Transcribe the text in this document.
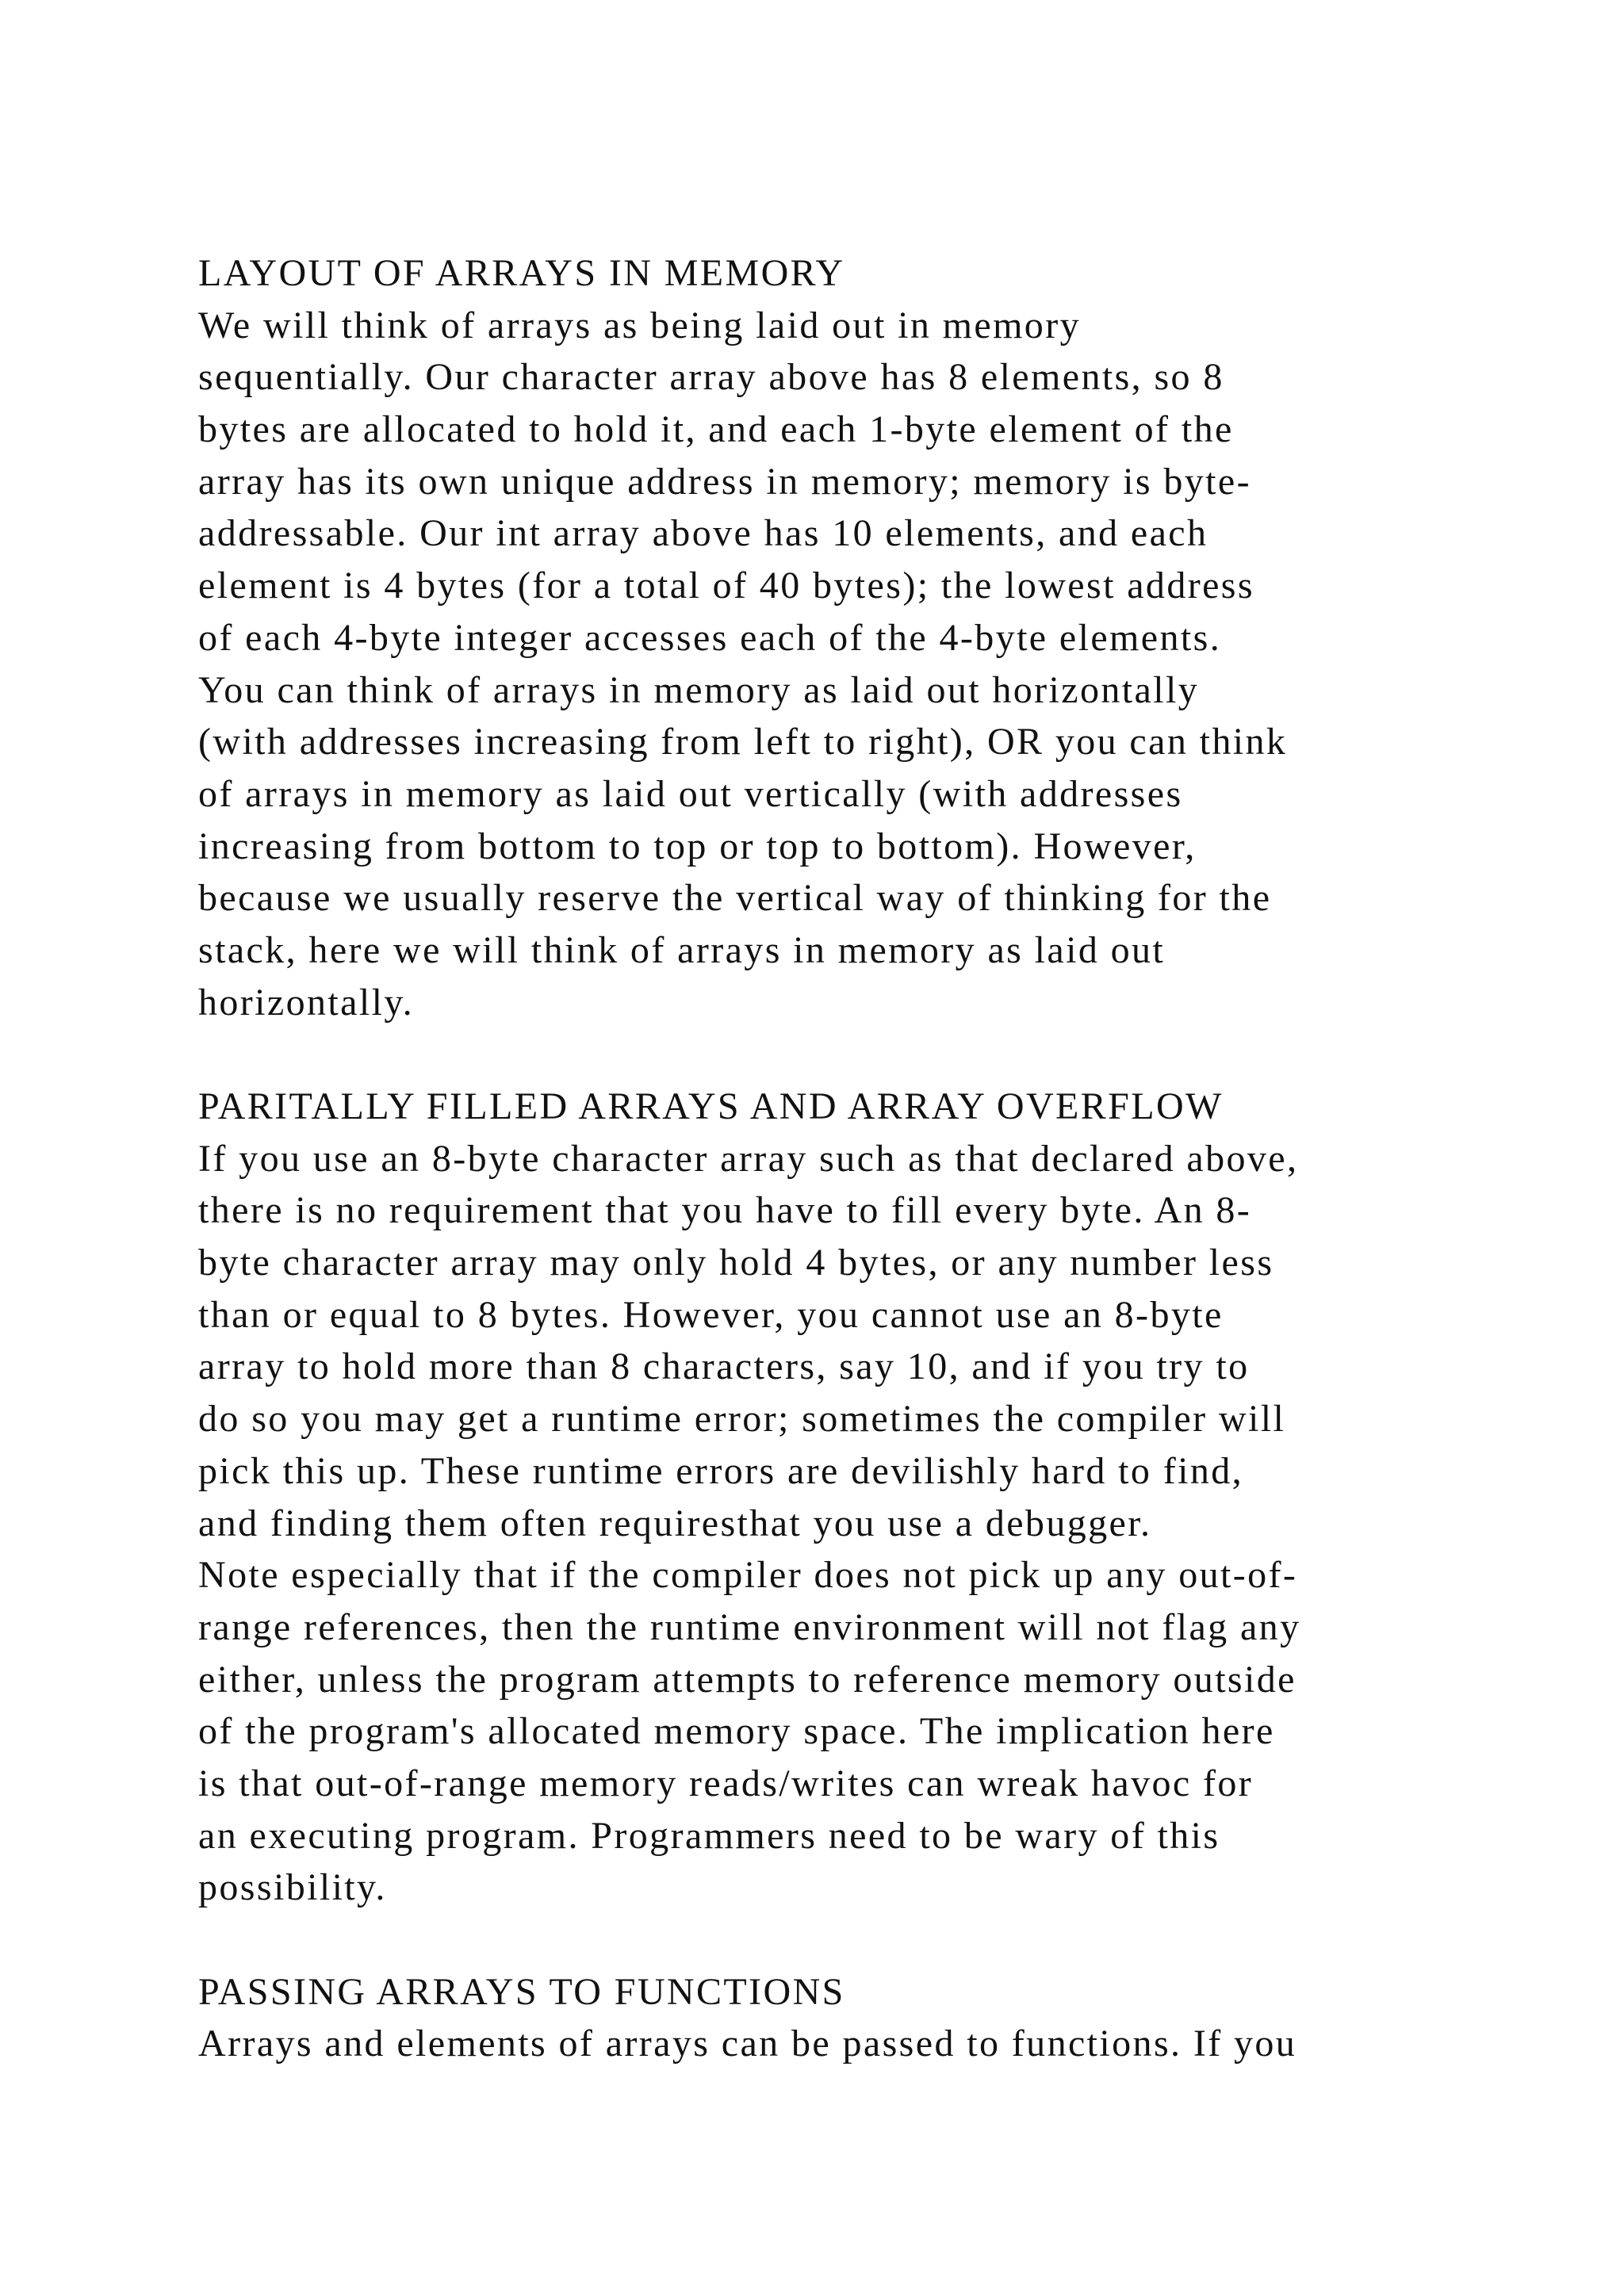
LAYOUT OF ARRAYS IN MEMORY
We will think of arrays as being laid out in memory
sequentially. Our character array above has 8 elements, so 8
bytes are allocated to hold it, and each 1-byte element of the
array has its own unique address in memory; memory is byte-
addressable. Our int array above has 10 elements, and each
element is 4 bytes (for a total of 40 bytes); the lowest address
of each 4-byte integer accesses each of the 4-byte elements.
You can think of arrays in memory as laid out horizontally
(with addresses increasing from left to right), OR you can think
of arrays in memory as laid out vertically (with addresses
increasing from bottom to top or top to bottom). However,
because we usually reserve the vertical way of thinking for the
stack, here we will think of arrays in memory as laid out
horizontally.
PARITALLY FILLED ARRAYS AND ARRAY OVERFLOW
If you use an 8-byte character array such as that declared above,
there is no requirement that you have to fill every byte. An 8-
byte character array may only hold 4 bytes, or any number less
than or equal to 8 bytes. However, you cannot use an 8-byte
array to hold more than 8 characters, say 10, and if you try to
do so you may get a runtime error; sometimes the compiler will
pick this up. These runtime errors are devilishly hard to find,
and finding them often requiresthat you use a debugger.
Note especially that if the compiler does not pick up any out-of-
range references, then the runtime environment will not flag any
either, unless the program attempts to reference memory outside
of the program's allocated memory space. The implication here
is that out-of-range memory reads/writes can wreak havoc for
an executing program. Programmers need to be wary of this
possibility.
PASSING ARRAYS TO FUNCTIONS
Arrays and elements of arrays can be passed to functions. If you
